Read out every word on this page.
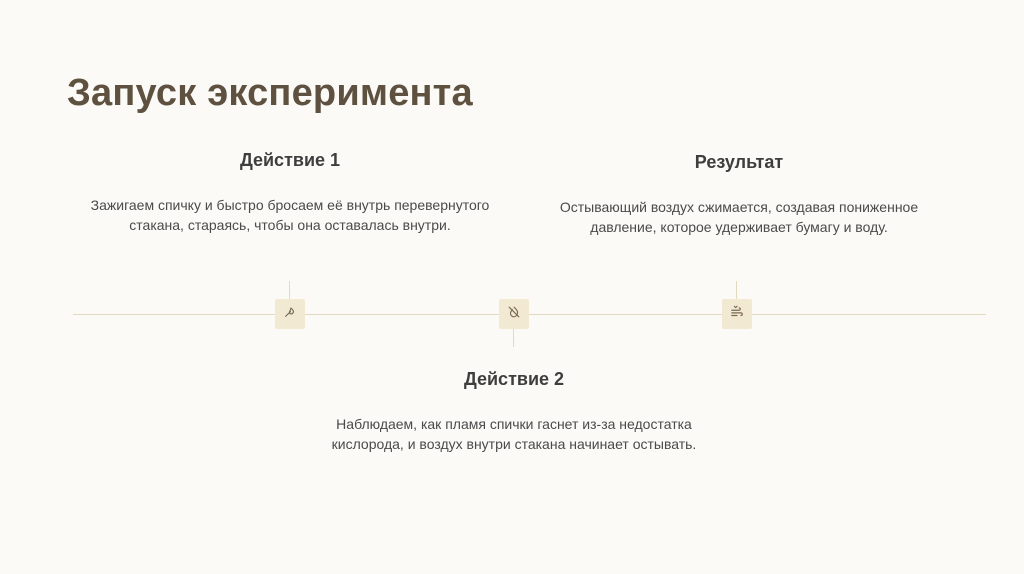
Запуск эксперимента

Действие 1

Зажигаем спичку и быстро бросаем её внутрь перевернутого стакана, стараясь, чтобы она оставалась внутри.

Действие 2

Наблюдаем, как пламя спички гаснет из-за недостатка кислорода, и воздух внутри стакана начинает остывать.

Результат

Остывающий воздух сжимается, создавая пониженное давление, которое удерживает бумагу и воду.
